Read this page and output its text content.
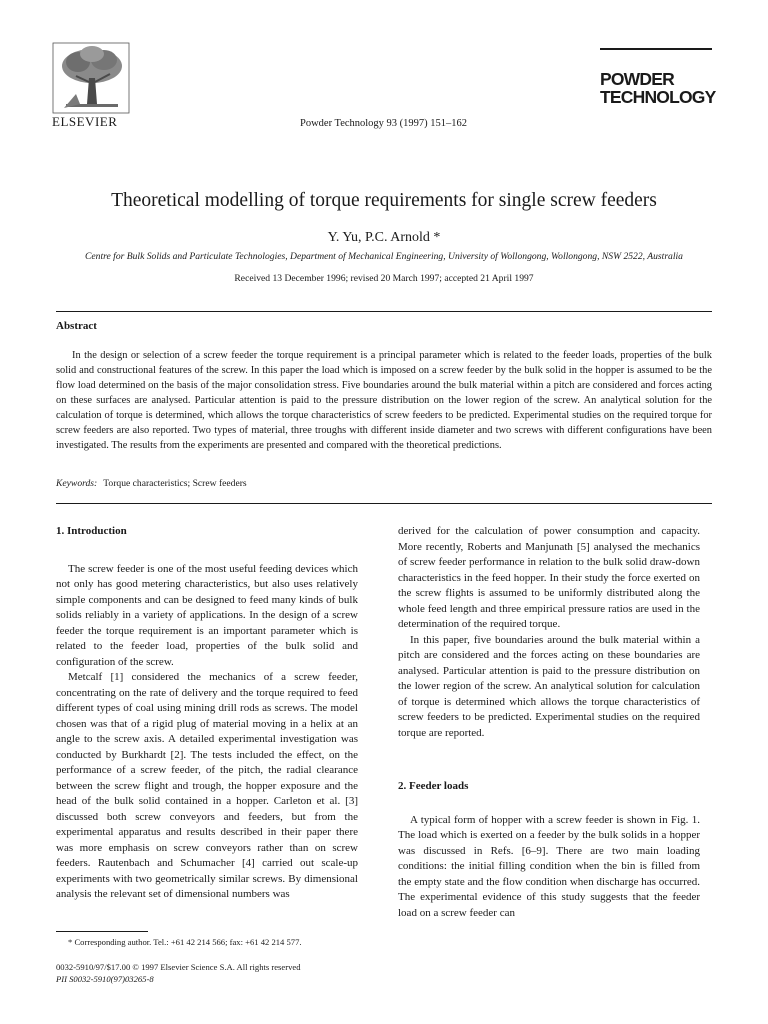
ELSEVIER	Powder Technology 93 (1997) 151–162
POWDER
TECHNOLOGY
Theoretical modelling of torque requirements for single screw feeders
Y. Yu, P.C. Arnold *
Centre for Bulk Solids and Particulate Technologies, Department of Mechanical Engineering, University of Wollongong, Wollongong, NSW 2522, Australia
Received 13 December 1996; revised 20 March 1997; accepted 21 April 1997
Abstract
In the design or selection of a screw feeder the torque requirement is a principal parameter which is related to the feeder loads, properties of the bulk solid and constructional features of the screw. In this paper the load which is imposed on a screw feeder by the bulk solid in the hopper is assumed to be the flow load determined on the basis of the major consolidation stress. Five boundaries around the bulk material within a pitch are considered and forces acting on these surfaces are analysed. Particular attention is paid to the pressure distribution on the lower region of the screw. An analytical solution for the calculation of torque is determined, which allows the torque characteristics of screw feeders to be predicted. Experimental studies on the required torque for screw feeders are also reported. Two types of material, three troughs with different inside diameter and two screws with different configurations have been investigated. The results from the experiments are presented and compared with the theoretical predictions.
Keywords: Torque characteristics; Screw feeders
1. Introduction

The screw feeder is one of the most useful feeding devices which not only has good metering characteristics, but also uses relatively simple components and can be designed to feed many kinds of bulk solids reliably in a variety of applications. In the design of a screw feeder the torque requirement is an important parameter which is related to the feeder load, properties of the bulk solid and configuration of the screw.

Metcalf [1] considered the mechanics of a screw feeder, concentrating on the rate of delivery and the torque required to feed different types of coal using mining drill rods as screws. The model chosen was that of a rigid plug of material moving in a helix at an angle to the screw axis. A detailed experimental investigation was conducted by Burkhardt [2]. The tests included the effect, on the performance of a screw feeder, of the pitch, the radial clearance between the screw flight and trough, the hopper exposure and the head of the bulk solid contained in a hopper. Carleton et al. [3] discussed both screw conveyors and feeders, but from the experimental apparatus and results described in their paper there was more emphasis on screw conveyors rather than on screw feeders. Rautenbach and Schumacher [4] carried out scale-up experiments with two geometrically similar screws. By dimensional analysis the relevant set of dimensional numbers was

derived for the calculation of power consumption and capacity. More recently, Roberts and Manjunath [5] analysed the mechanics of screw feeder performance in relation to the bulk solid draw-down characteristics in the feed hopper. In their study the force exerted on the screw flights is assumed to be uniformly distributed along the whole feed length and three empirical pressure ratios are used in the determination of the required torque.

In this paper, five boundaries around the bulk material within a pitch are considered and the forces acting on these boundaries are analysed. Particular attention is paid to the pressure distribution on the lower region of the screw. An analytical solution for calculation of torque is determined which allows the torque characteristics of screw feeders to be predicted. Experimental studies on the required torque are reported.

2. Feeder loads

A typical form of hopper with a screw feeder is shown in Fig. 1. The load which is exerted on a feeder by the bulk solids in a hopper was discussed in Refs. [6–9]. There are two main loading conditions: the initial filling condition when the bin is filled from the empty state and the flow condition when discharge has occurred. The experimental evidence of this study suggests that the feeder load on a screw feeder can

* Corresponding author. Tel.: +61 42 214 566; fax: +61 42 214 577.
0032-5910/97/$17.00 © 1997 Elsevier Science S.A. All rights reserved
PII S0032-5910(97)03265-8
